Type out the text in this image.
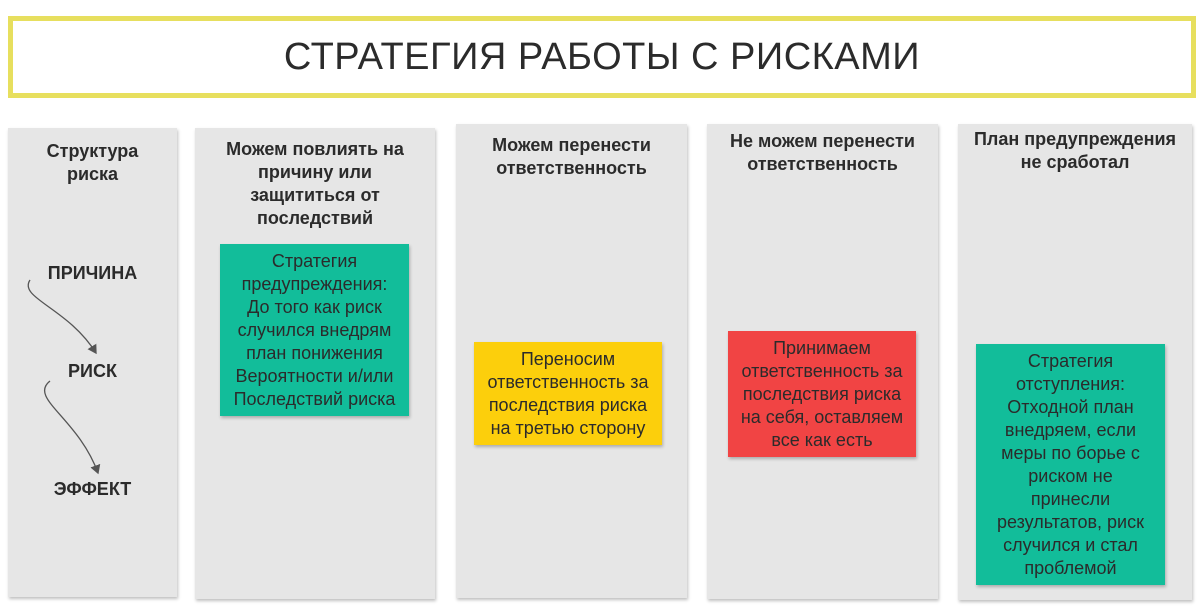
СТРАТЕГИЯ РАБОТЫ С РИСКАМИ
Структура
риска
ПРИЧИНА
РИСК
ЭФФЕКТ
Можем повлиять на
причину или
защититься от
последствий
Стратегия
предупреждения:
До того как риск
случился внедрям
план понижения
Вероятности и/или
Последствий риска
Можем перенести
ответственность
Переносим
ответственность за
последствия риска
на третью сторону
Не можем перенести
ответственность
Принимаем
ответственность за
последствия риска
на себя, оставляем
все как есть
План предупреждения
не сработал
Стратегия
отступления:
Отходной план
внедряем, если
меры по борье с
риском не
принесли
результатов, риск
случился и стал
проблемой
